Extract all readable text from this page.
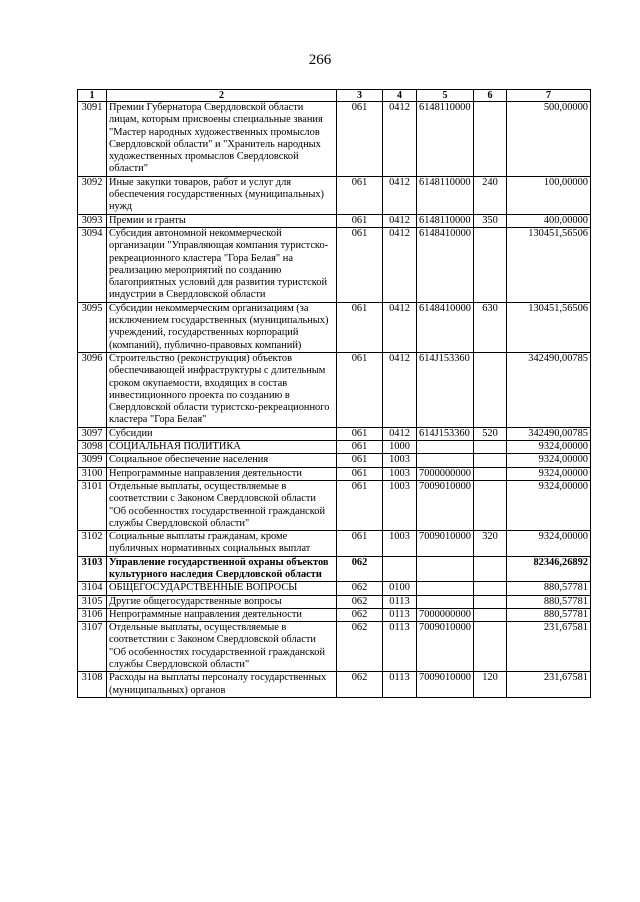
266
1	2	3	4	5	6	7
3091	Премии Губернатора Свердловской области лицам, которым присвоены специальные звания "Мастер народных художественных промыслов Свердловской области" и "Хранитель народных художественных промыслов Свердловской области"	061	0412	6148110000		500,00000
3092	Иные закупки товаров, работ и услуг для обеспечения государственных (муниципальных) нужд	061	0412	6148110000	240	100,00000
3093	Премии и гранты	061	0412	6148110000	350	400,00000
3094	Субсидия автономной некоммерческой организации "Управляющая компания туристско-рекреационного кластера "Гора Белая" на реализацию мероприятий по созданию благоприятных условий для развития туристской индустрии в Свердловской области	061	0412	6148410000		130451,56506
3095	Субсидии некоммерческим организациям (за исключением государственных (муниципальных) учреждений, государственных корпораций (компаний), публично-правовых компаний)	061	0412	6148410000	630	130451,56506
3096	Строительство (реконструкция) объектов обеспечивающей инфраструктуры с длительным сроком окупаемости, входящих в состав инвестиционного проекта по созданию в Свердловской области туристско-рекреационного кластера "Гора Белая"	061	0412	614J153360		342490,00785
3097	Субсидии	061	0412	614J153360	520	342490,00785
3098	СОЦИАЛЬНАЯ ПОЛИТИКА	061	1000			9324,00000
3099	Социальное обеспечение населения	061	1003			9324,00000
3100	Непрограммные направления деятельности	061	1003	7000000000		9324,00000
3101	Отдельные выплаты, осуществляемые в соответствии с Законом Свердловской области "Об особенностях государственной гражданской службы Свердловской области"	061	1003	7009010000		9324,00000
3102	Социальные выплаты гражданам, кроме публичных нормативных социальных выплат	061	1003	7009010000	320	9324,00000
3103	Управление государственной охраны объектов культурного наследия Свердловской области	062				82346,26892
3104	ОБЩЕГОСУДАРСТВЕННЫЕ ВОПРОСЫ	062	0100			880,57781
3105	Другие общегосударственные вопросы	062	0113			880,57781
3106	Непрограммные направления деятельности	062	0113	7000000000		880,57781
3107	Отдельные выплаты, осуществляемые в соответствии с Законом Свердловской области "Об особенностях государственной гражданской службы Свердловской области"	062	0113	7009010000		231,67581
3108	Расходы на выплаты персоналу государственных (муниципальных) органов	062	0113	7009010000	120	231,67581
